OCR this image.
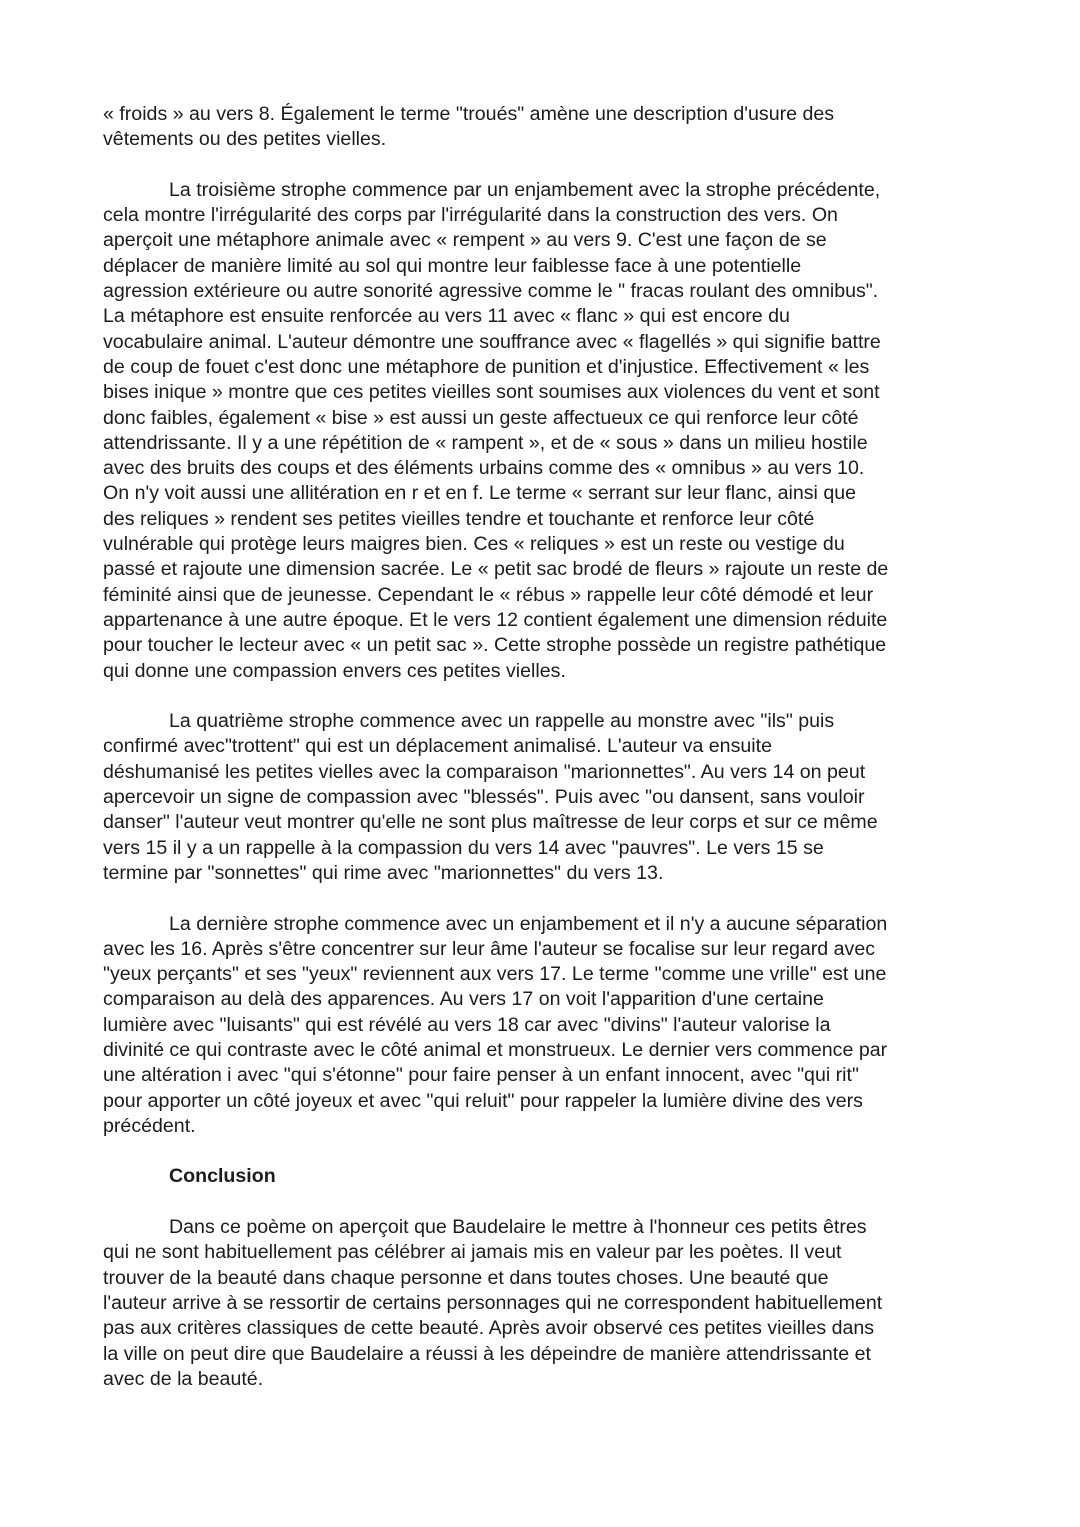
« froids » au vers 8. Également le terme "troués" amène une description d'usure des
vêtements ou des petites vielles.

La troisième strophe commence par un enjambement avec la strophe précédente,
cela montre l'irrégularité des corps par l'irrégularité dans la construction des vers. On
aperçoit une métaphore animale avec « rempent » au vers 9. C'est une façon de se
déplacer de manière limité au sol qui montre leur faiblesse face à une potentielle
agression extérieure ou autre sonorité agressive comme le " fracas roulant des omnibus".
La métaphore est ensuite renforcée au vers 11 avec « flanc » qui est encore du
vocabulaire animal. L'auteur démontre une souffrance avec « flagellés » qui signifie battre
de coup de fouet c'est donc une métaphore de punition et d'injustice. Effectivement « les
bises inique » montre que ces petites vieilles sont soumises aux violences du vent et sont
donc faibles, également « bise » est aussi un geste affectueux ce qui renforce leur côté
attendrissante. Il y a une répétition de « rampent », et de « sous » dans un milieu hostile
avec des bruits des coups et des éléments urbains comme des « omnibus » au vers 10.
On n'y voit aussi une allitération en r et en f. Le terme « serrant sur leur flanc, ainsi que
des reliques » rendent ses petites vieilles tendre et touchante et renforce leur côté
vulnérable qui protège leurs maigres bien. Ces « reliques » est un reste ou vestige du
passé et rajoute une dimension sacrée. Le « petit sac brodé de fleurs » rajoute un reste de
féminité ainsi que de jeunesse. Cependant le « rébus » rappelle leur côté démodé et leur
appartenance à une autre époque. Et le vers 12 contient également une dimension réduite
pour toucher le lecteur avec « un petit sac ». Cette strophe possède un registre pathétique
qui donne une compassion envers ces petites vielles.

La quatrième strophe commence avec un rappelle au monstre avec "ils" puis
confirmé avec"trottent" qui est un déplacement animalisé. L'auteur va ensuite
déshumanisé les petites vielles avec la comparaison "marionnettes". Au vers 14 on peut
apercevoir un signe de compassion avec "blessés". Puis avec "ou dansent, sans vouloir
danser" l'auteur veut montrer qu'elle ne sont plus maîtresse de leur corps et sur ce même
vers 15 il y a un rappelle à la compassion du vers 14 avec "pauvres". Le vers 15 se
termine par "sonnettes" qui rime avec "marionnettes" du vers 13.

La dernière strophe commence avec un enjambement et il n'y a aucune séparation
avec les 16. Après s'être concentrer sur leur âme l'auteur se focalise sur leur regard avec
"yeux perçants" et ses "yeux" reviennent aux vers 17. Le terme "comme une vrille" est une
comparaison au delà des apparences. Au vers 17 on voit l'apparition d'une certaine
lumière avec "luisants" qui est révélé au vers 18 car avec "divins" l'auteur valorise la
divinité ce qui contraste avec le côté animal et monstrueux. Le dernier vers commence par
une altération i avec "qui s'étonne" pour faire penser à un enfant innocent, avec "qui rit"
pour apporter un côté joyeux et avec "qui reluit" pour rappeler la lumière divine des vers
précédent.

Conclusion

Dans ce poème on aperçoit que Baudelaire le mettre à l'honneur ces petits êtres
qui ne sont habituellement pas célébrer ai jamais mis en valeur par les poètes. Il veut
trouver de la beauté dans chaque personne et dans toutes choses. Une beauté que
l'auteur arrive à se ressortir de certains personnages qui ne correspondent habituellement
pas aux critères classiques de cette beauté. Après avoir observé ces petites vieilles dans
la ville on peut dire que Baudelaire a réussi à les dépeindre de manière attendrissante et
avec de la beauté.
